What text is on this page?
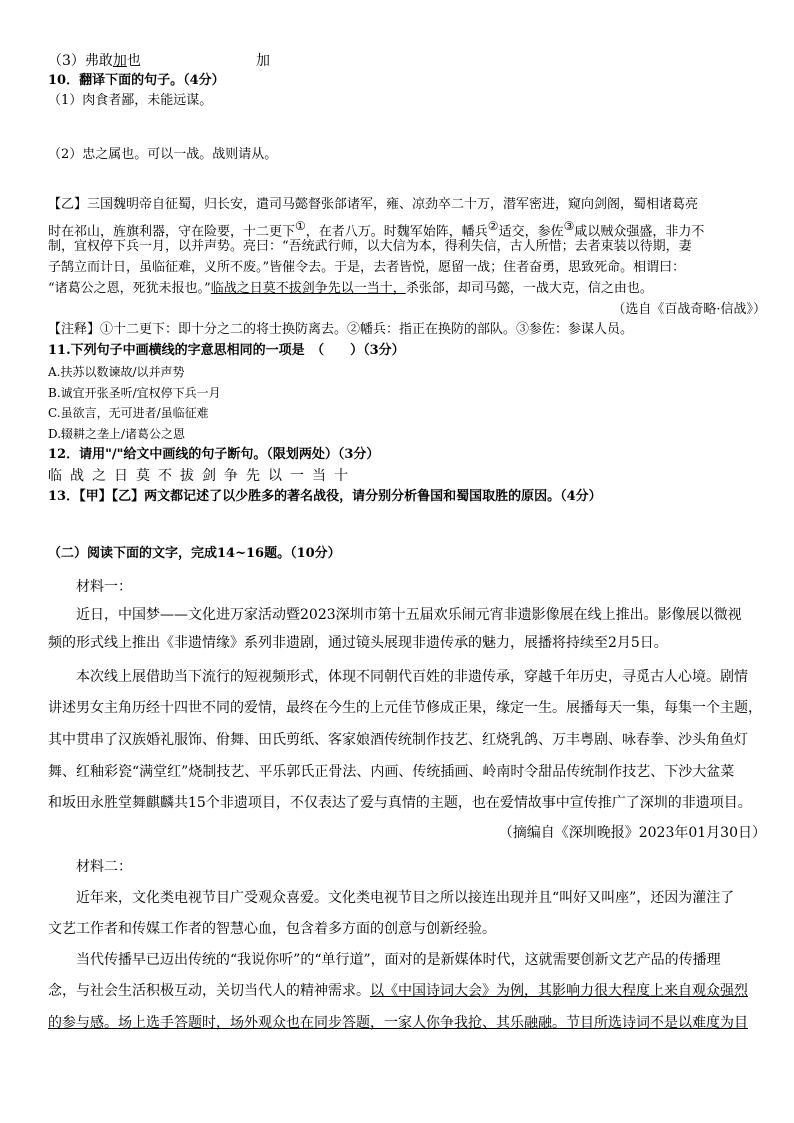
（3）弗敢加也	加
10．翻译下面的句子。（4分）
（1）肉食者鄙，未能远谋。
（2）忠之属也。可以一战。战则请从。
【乙】三国魏明帝自征蜀，归长安，遣司马懿督张郃诸军，雍、凉劲卒二十万，潜军密进，窥向剑阁，蜀相诸葛亮
时在祁山，旌旗利器，守在险要，十二更下①，在者八万。时魏军始阵，幡兵②适交，参佐③咸以贼众强盛，非力不
制，宜权停下兵一月，以并声势。亮曰：“吾统武行师，以大信为本，得利失信，古人所惜；去者束装以待期，妻
子鹄立而计日，虽临征难，义所不废。”皆催令去。于是，去者皆悦，愿留一战；住者奋勇，思致死命。相谓曰：
“诸葛公之恩，死犹未报也。”临战之日莫不拔剑争先以一当十，杀张郃，却司马懿，一战大克，信之由也。
（选自《百战奇略·信战》）
【注释】①十二更下：即十分之二的将士换防离去。②幡兵：指正在换防的部队。③参佐：参谋人员。
11.下列句子中画横线的字意思相同的一项是　（　　）（3分）
A.扶苏以数谏故/以并声势
B.诚宜开张圣听/宜权停下兵一月
C.虽欲言，无可进者/虽临征难
D.辍耕之垄上/诸葛公之恩
12．请用"/"给文中画线的句子断句。（限划两处）（3分）
临战之日莫不拔剑争先以一当十
13．【甲】【乙】两文都记述了以少胜多的著名战役，请分别分析鲁国和蜀国取胜的原因。（4分）
（二）阅读下面的文字，完成14~16题。（10分）
材料一：
近日，中国梦——文化进万家活动暨2023深圳市第十五届欢乐闹元宵非遗影像展在线上推出。影像展以微视
频的形式线上推出《非遗情缘》系列非遗剧，通过镜头展现非遗传承的魅力，展播将持续至2月5日。
本次线上展借助当下流行的短视频形式，体现不同朝代百姓的非遗传承，穿越千年历史，寻觅古人心境。剧情
讲述男女主角历经十四世不同的爱情，最终在今生的上元佳节修成正果，缘定一生。展播每天一集，每集一个主题，
其中贯串了汉族婚礼服饰、佾舞、田氏剪纸、客家娘酒传统制作技艺、红烧乳鸽、万丰粤剧、咏春拳、沙头角鱼灯
舞、红釉彩瓷“满堂红”烧制技艺、平乐郭氏正骨法、内画、传统插画、岭南时令甜品传统制作技艺、下沙大盆菜
和坂田永胜堂舞麒麟共15个非遗项目，不仅表达了爱与真情的主题，也在爱情故事中宣传推广了深圳的非遗项目。
（摘编自《深圳晚报》2023年01月30日）
材料二：
近年来，文化类电视节目广受观众喜爱。文化类电视节目之所以接连出现并且“叫好又叫座”，还因为灌注了
文艺工作者和传媒工作者的智慧心血，包含着多方面的创意与创新经验。
当代传播早已迈出传统的“我说你听”的“单行道”，面对的是新媒体时代，这就需要创新文艺产品的传播理
念，与社会生活积极互动，关切当代人的精神需求。以《中国诗词大会》为例，其影响力很大程度上来自观众强烈
的参与感。场上选手答题时，场外观众也在同步答题，一家人你争我抢、其乐融融。节目所选诗词不是以难度为目
